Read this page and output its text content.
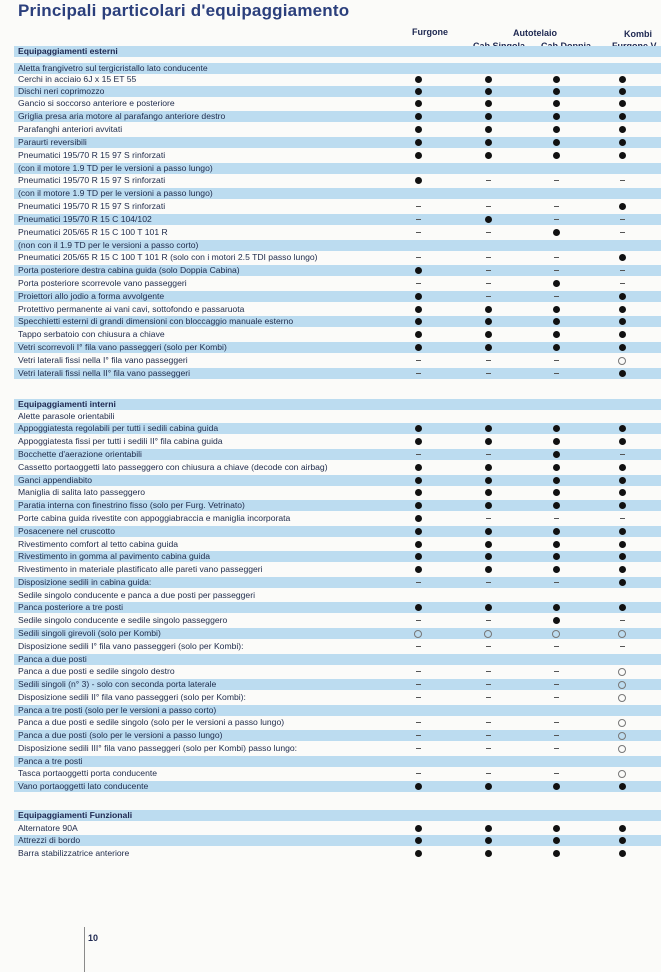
Principali particolari d'equipaggiamento
Furgone	Autotelaio	Kombi
Equipaggiamenti esterni
Aletta frangivetro sul tergicristallo lato conducente
Cerchi in acciaio 6J x 15 ET 55
Dischi neri coprimozzo
Gancio si soccorso anteriore e posteriore
Griglia presa aria motore al parafango anteriore destro
Parafanghi anteriori avvitati
Paraurti reversibili
Pneumatici 195/70 R 15 97 S rinforzati
(con il motore 1.9 TD per le versioni a passo lungo)
Pneumatici 195/70 R 15 97 S rinforzati
(con il motore 1.9 TD per le versioni a passo lungo)
Pneumatici 195/70 R 15 97 S rinforzati
Pneumatici 195/70 R 15 C 104/102
Pneumatici 205/65 R 15 C 100 T 101 R
(non con il 1.9 TD per le versioni a passo corto)
Pneumatici 205/65 R 15 C 100 T 101 R (solo con i motori 2.5 TDI passo lungo)
Porta posteriore destra cabina guida (solo Doppia Cabina)
Porta posteriore scorrevole vano passeggeri
Proiettori allo jodio a forma avvolgente
Protettivo permanente ai vani cavi, sottofondo e passaruota
Specchietti esterni di grandi dimensioni con bloccaggio manuale esterno
Tappo serbatoio con chiusura a chiave
Vetri scorrevoli I° fila vano passeggeri (solo per Kombi)
Vetri laterali fissi nella I° fila vano passeggeri
Vetri laterali fissi nella II° fila vano passeggeri
Equipaggiamenti interni
Alette parasole orientabili
Appoggiatesta regolabili per tutti i sedili cabina guida
Appoggiatesta fissi per tutti i sedili II° fila cabina guida
Bocchette d'aerazione orientabili
Cassetto portaoggetti lato passeggero con chiusura a chiave (decode con airbag)
Ganci appendiabito
Maniglia di salita lato passeggero
Paratia interna con finestrino fisso (solo per Furg. Vetrinato)
Porte cabina guida rivestite con appoggiabraccia e maniglia incorporata
Posacenere nel cruscotto
Rivestimento comfort al tetto cabina guida
Rivestimento in gomma al pavimento cabina guida
Rivestimento in materiale plastificato alle pareti vano passeggeri
Disposizione sedili in cabina guida:
Sedile singolo conducente e panca a due posti per passeggeri
Panca posteriore a tre posti
Sedile singolo conducente e sedile singolo passeggero
Sedili singoli girevoli (solo per Kombi)
Disposizione sedili I° fila vano passeggeri (solo per Kombi):
Panca a due posti
Panca a due posti e sedile singolo destro
Sedili singoli (n° 3) - solo con seconda porta laterale
Disposizione sedili II° fila vano passeggeri (solo per Kombi):
Panca a tre posti (solo per le versioni a passo corto)
Panca a due posti e sedile singolo (solo per le versioni a passo lungo)
Panca a due posti (solo per le versioni a passo lungo)
Disposizione sedili III° fila vano passeggeri (solo per Kombi) passo lungo:
Panca a tre posti
Tasca portaoggetti porta conducente
Vano portaoggetti lato conducente
Equipaggiamenti Funzionali
Alternatore 90A
Attrezzi di bordo
Barra stabilizzatrice anteriore
10
